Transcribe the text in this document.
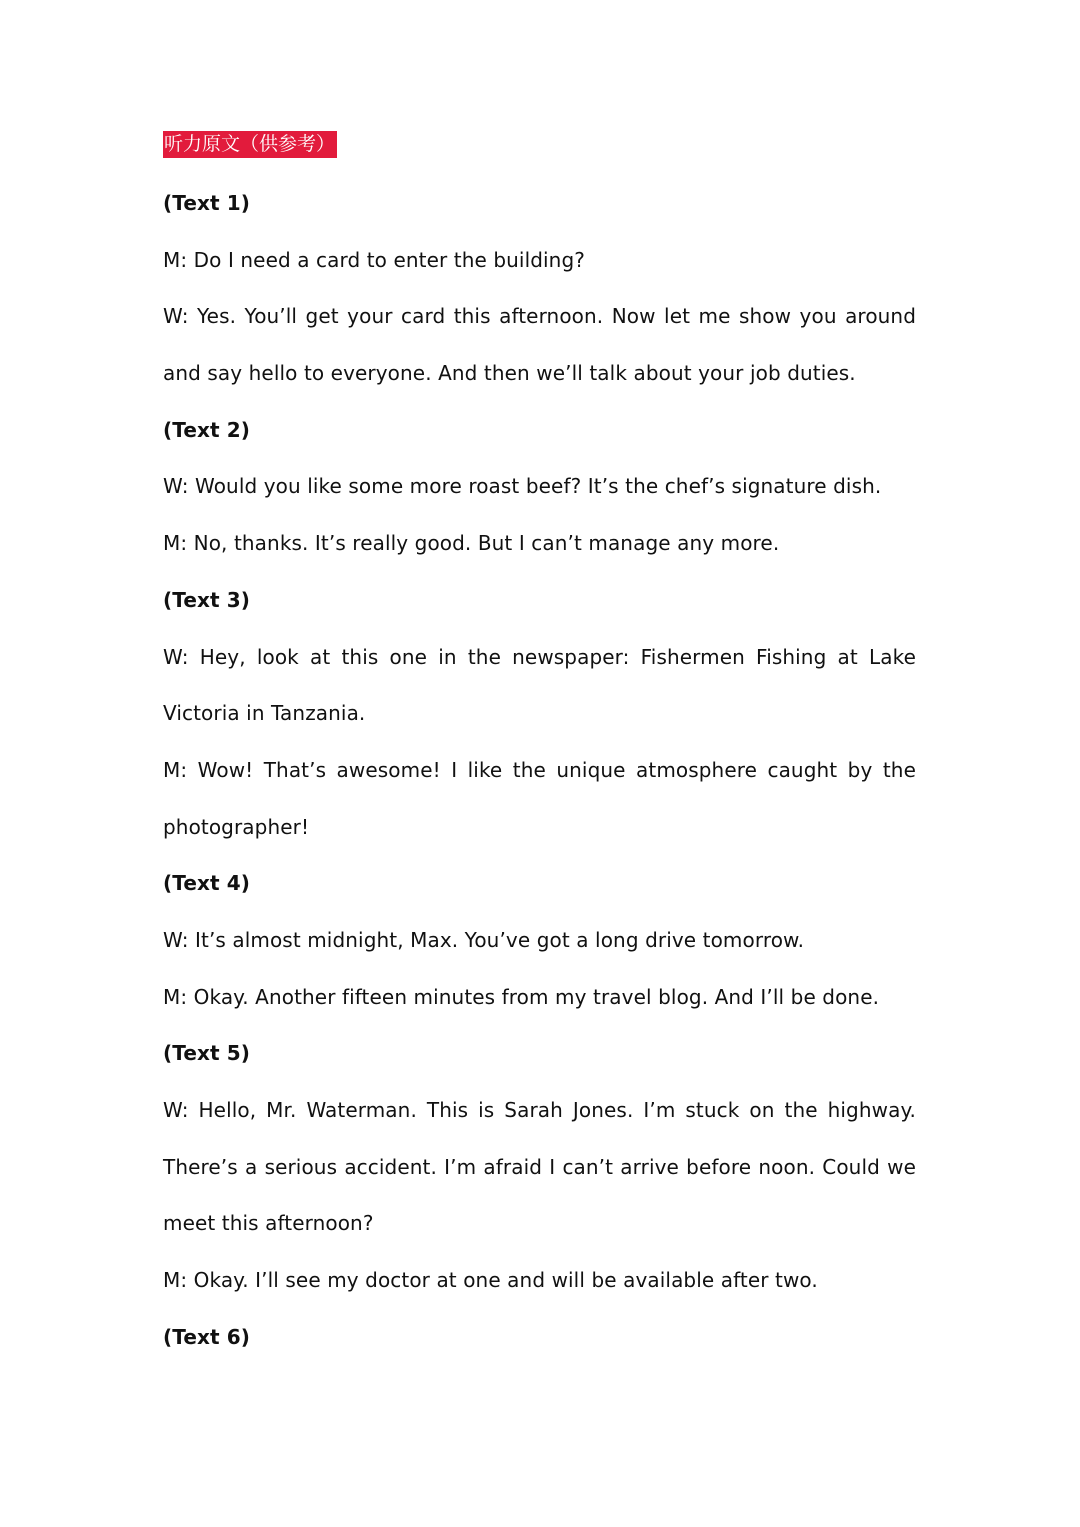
听力原文（供参考）
(Text 1)
M: Do I need a card to enter the building?
W: Yes. You’ll get your card this afternoon. Now let me show you around
and say hello to everyone. And then we’ll talk about your job duties.
(Text 2)
W: Would you like some more roast beef? It’s the chef’s signature dish.
M: No, thanks. It’s really good. But I can’t manage any more.
(Text 3)
W: Hey, look at this one in the newspaper: Fishermen Fishing at Lake
Victoria in Tanzania.
M: Wow! That’s awesome! I like the unique atmosphere caught by the
photographer!
(Text 4)
W: It’s almost midnight, Max. You’ve got a long drive tomorrow.
M: Okay. Another fifteen minutes from my travel blog. And I’ll be done.
(Text 5)
W: Hello, Mr. Waterman. This is Sarah Jones. I’m stuck on the highway.
There’s a serious accident. I’m afraid I can’t arrive before noon. Could we
meet this afternoon?
M: Okay. I’ll see my doctor at one and will be available after two.
(Text 6)
